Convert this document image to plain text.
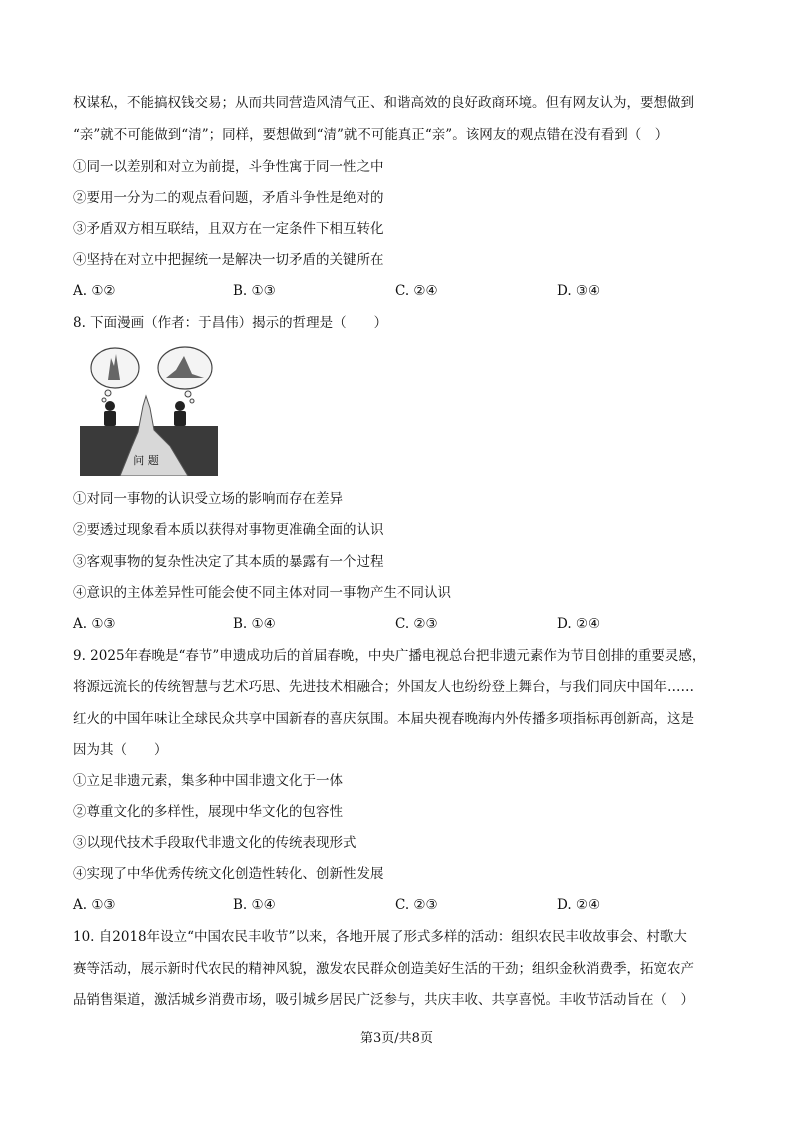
权谋私，不能搞权钱交易；从而共同营造风清气正、和谐高效的良好政商环境。但有网友认为，要想做到
“亲”就不可能做到“清”；同样，要想做到“清”就不可能真正“亲”。该网友的观点错在没有看到（　）
①同一以差别和对立为前提，斗争性寓于同一性之中
②要用一分为二的观点看问题，矛盾斗争性是绝对的
③矛盾双方相互联结，且双方在一定条件下相互转化
④坚持在对立中把握统一是解决一切矛盾的关键所在
A. ①②	B. ①③	C. ②④	D. ③④
8. 下面漫画（作者：于昌伟）揭示的哲理是（　　）
问 题
①对同一事物的认识受立场的影响而存在差异
②要透过现象看本质以获得对事物更准确全面的认识
③客观事物的复杂性决定了其本质的暴露有一个过程
④意识的主体差异性可能会使不同主体对同一事物产生不同认识
A. ①③	B. ①④	C. ②③	D. ②④
9. 2025年春晚是“春节”申遗成功后的首届春晚，中央广播电视总台把非遗元素作为节目创排的重要灵感，
将源远流长的传统智慧与艺术巧思、先进技术相融合；外国友人也纷纷登上舞台，与我们同庆中国年……
红火的中国年味让全球民众共享中国新春的喜庆氛围。本届央视春晚海内外传播多项指标再创新高，这是
因为其（　　）
①立足非遗元素，集多种中国非遗文化于一体
②尊重文化的多样性，展现中华文化的包容性
③以现代技术手段取代非遗文化的传统表现形式
④实现了中华优秀传统文化创造性转化、创新性发展
A. ①③	B. ①④	C. ②③	D. ②④
10. 自2018年设立“中国农民丰收节”以来，各地开展了形式多样的活动：组织农民丰收故事会、村歌大
赛等活动，展示新时代农民的精神风貌，激发农民群众创造美好生活的干劲；组织金秋消费季，拓宽农产
品销售渠道，激活城乡消费市场，吸引城乡居民广泛参与，共庆丰收、共享喜悦。丰收节活动旨在（　）
第3页/共8页
